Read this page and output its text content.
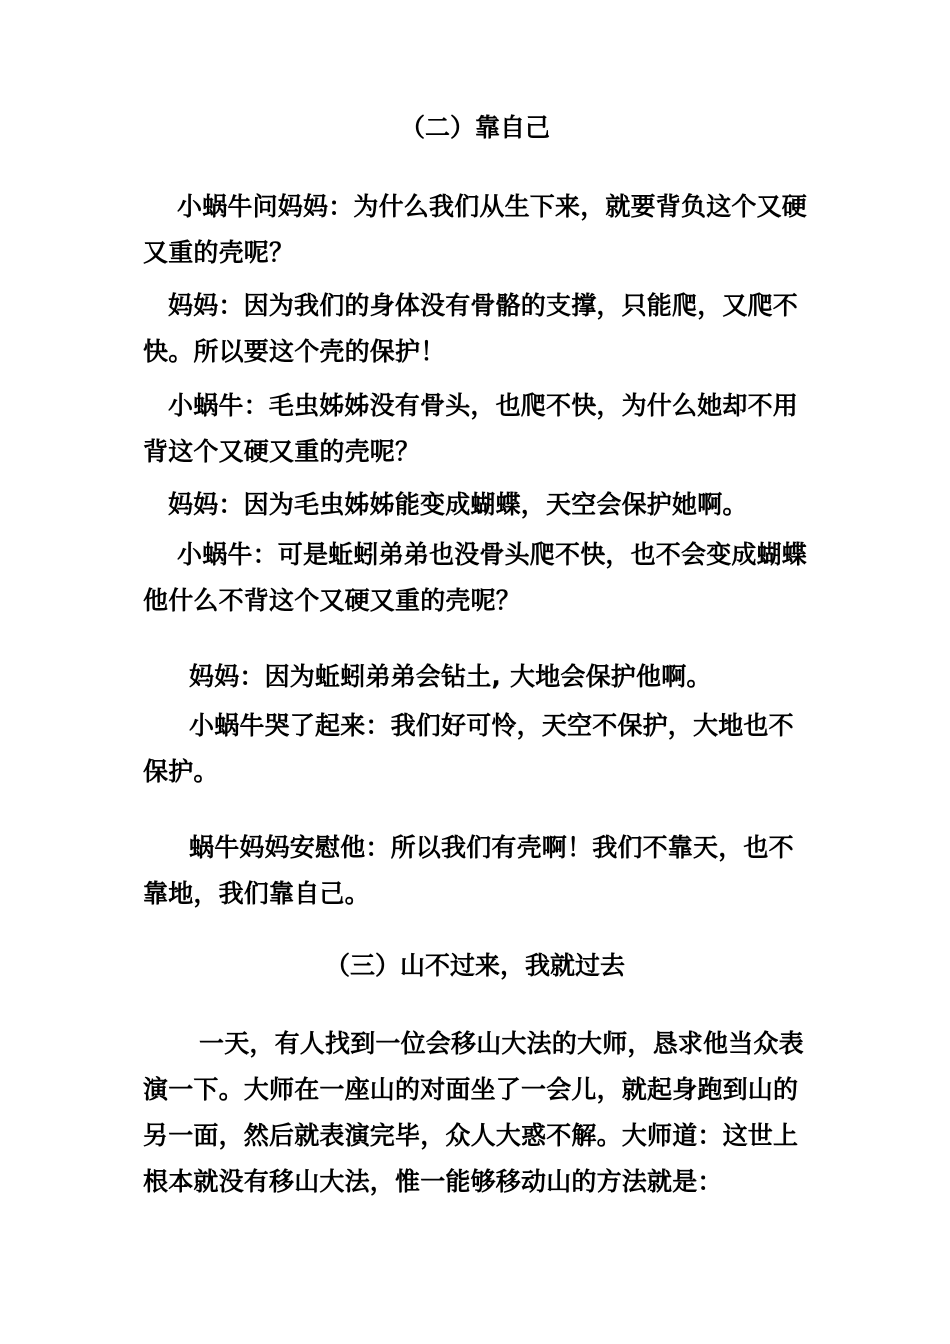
（二）靠自己
小蜗牛问妈妈：为什么我们从生下来，就要背负这个又硬又重的壳呢？
妈妈：因为我们的身体没有骨骼的支撑，只能爬，又爬不快。所以要这个壳的保护！
小蜗牛：毛虫姊姊没有骨头，也爬不快，为什么她却不用背这个又硬又重的壳呢？
妈妈：因为毛虫姊姊能变成蝴蝶，天空会保护她啊。
小蜗牛：可是蚯蚓弟弟也没骨头爬不快，也不会变成蝴蝶他什么不背这个又硬又重的壳呢？
妈妈：因为蚯蚓弟弟会钻土, 大地会保护他啊。
小蜗牛哭了起来：我们好可怜，天空不保护，大地也不保护。
蜗牛妈妈安慰他：所以我们有壳啊！我们不靠天，也不靠地，我们靠自己。
（三）山不过来，我就过去
一天，有人找到一位会移山大法的大师，恳求他当众表演一下。大师在一座山的对面坐了一会儿，就起身跑到山的另一面，然后就表演完毕，众人大惑不解。大师道：这世上根本就没有移山大法，惟一能够移动山的方法就是：
